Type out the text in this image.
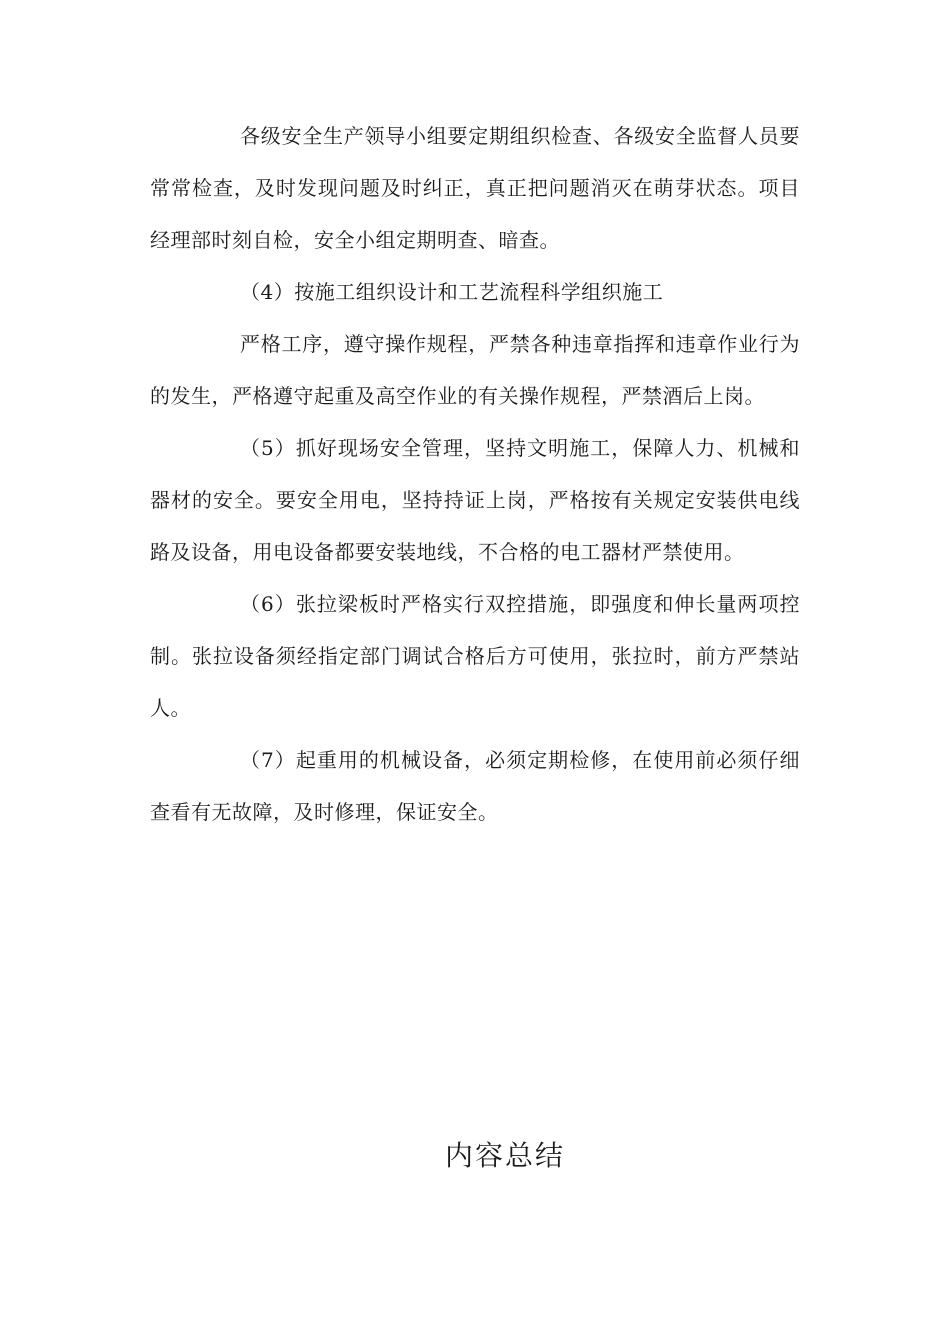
各级安全生产领导小组要定期组织检查、各级安全监督人员要常常检查，及时发现问题及时纠正，真正把问题消灭在萌芽状态。项目经理部时刻自检，安全小组定期明查、暗查。

（4）按施工组织设计和工艺流程科学组织施工

严格工序，遵守操作规程，严禁各种违章指挥和违章作业行为的发生，严格遵守起重及高空作业的有关操作规程，严禁酒后上岗。

（5）抓好现场安全管理，坚持文明施工，保障人力、机械和器材的安全。要安全用电，坚持持证上岗，严格按有关规定安装供电线路及设备，用电设备都要安装地线，不合格的电工器材严禁使用。

（6）张拉梁板时严格实行双控措施，即强度和伸长量两项控制。张拉设备须经指定部门调试合格后方可使用，张拉时，前方严禁站人。

（7）起重用的机械设备，必须定期检修，在使用前必须仔细查看有无故障，及时修理，保证安全。

内容总结
